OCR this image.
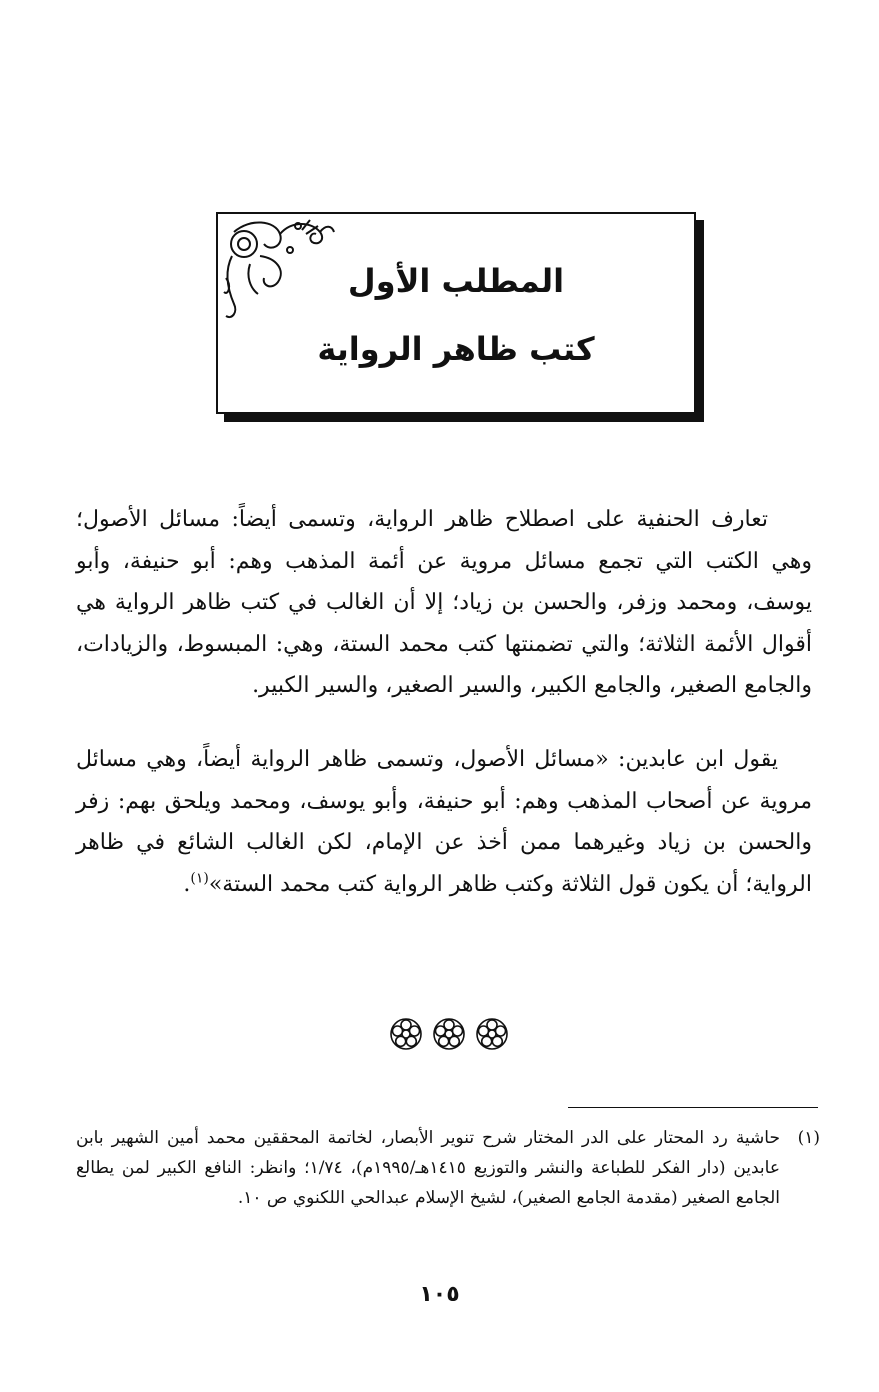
المطلب الأول
كتب ظاهر الرواية

تعارف الحنفية على اصطلاح ظاهر الرواية، وتسمى أيضاً: مسائل الأصول؛ وهي الكتب التي تجمع مسائل مروية عن أئمة المذهب وهم: أبو حنيفة، وأبو يوسف، ومحمد وزفر، والحسن بن زياد؛ إلا أن الغالب في كتب ظاهر الرواية هي أقوال الأئمة الثلاثة؛ والتي تضمنتها كتب محمد الستة، وهي: المبسوط، والزيادات، والجامع الصغير، والجامع الكبير، والسير الصغير، والسير الكبير.

يقول ابن عابدين: «مسائل الأصول، وتسمى ظاهر الرواية أيضاً، وهي مسائل مروية عن أصحاب المذهب وهم: أبو حنيفة، وأبو يوسف، ومحمد ويلحق بهم: زفر والحسن بن زياد وغيرهما ممن أخذ عن الإمام، لكن الغالب الشائع في ظاهر الرواية؛ أن يكون قول الثلاثة وكتب ظاهر الرواية كتب محمد الستة»$^{(١)}$.

(١)

حاشية رد المحتار على الدر المختار شرح تنوير الأبصار، لخاتمة المحققين محمد أمين الشهير بابن عابدين (دار الفكر للطباعة والنشر والتوزيع ١٤١٥هـ/١٩٩٥م)، ١/٧٤؛ وانظر: النافع الكبير لمن يطالع الجامع الصغير (مقدمة الجامع الصغير)، لشيخ الإسلام عبدالحي اللكنوي ص ١٠.

١٠٥
